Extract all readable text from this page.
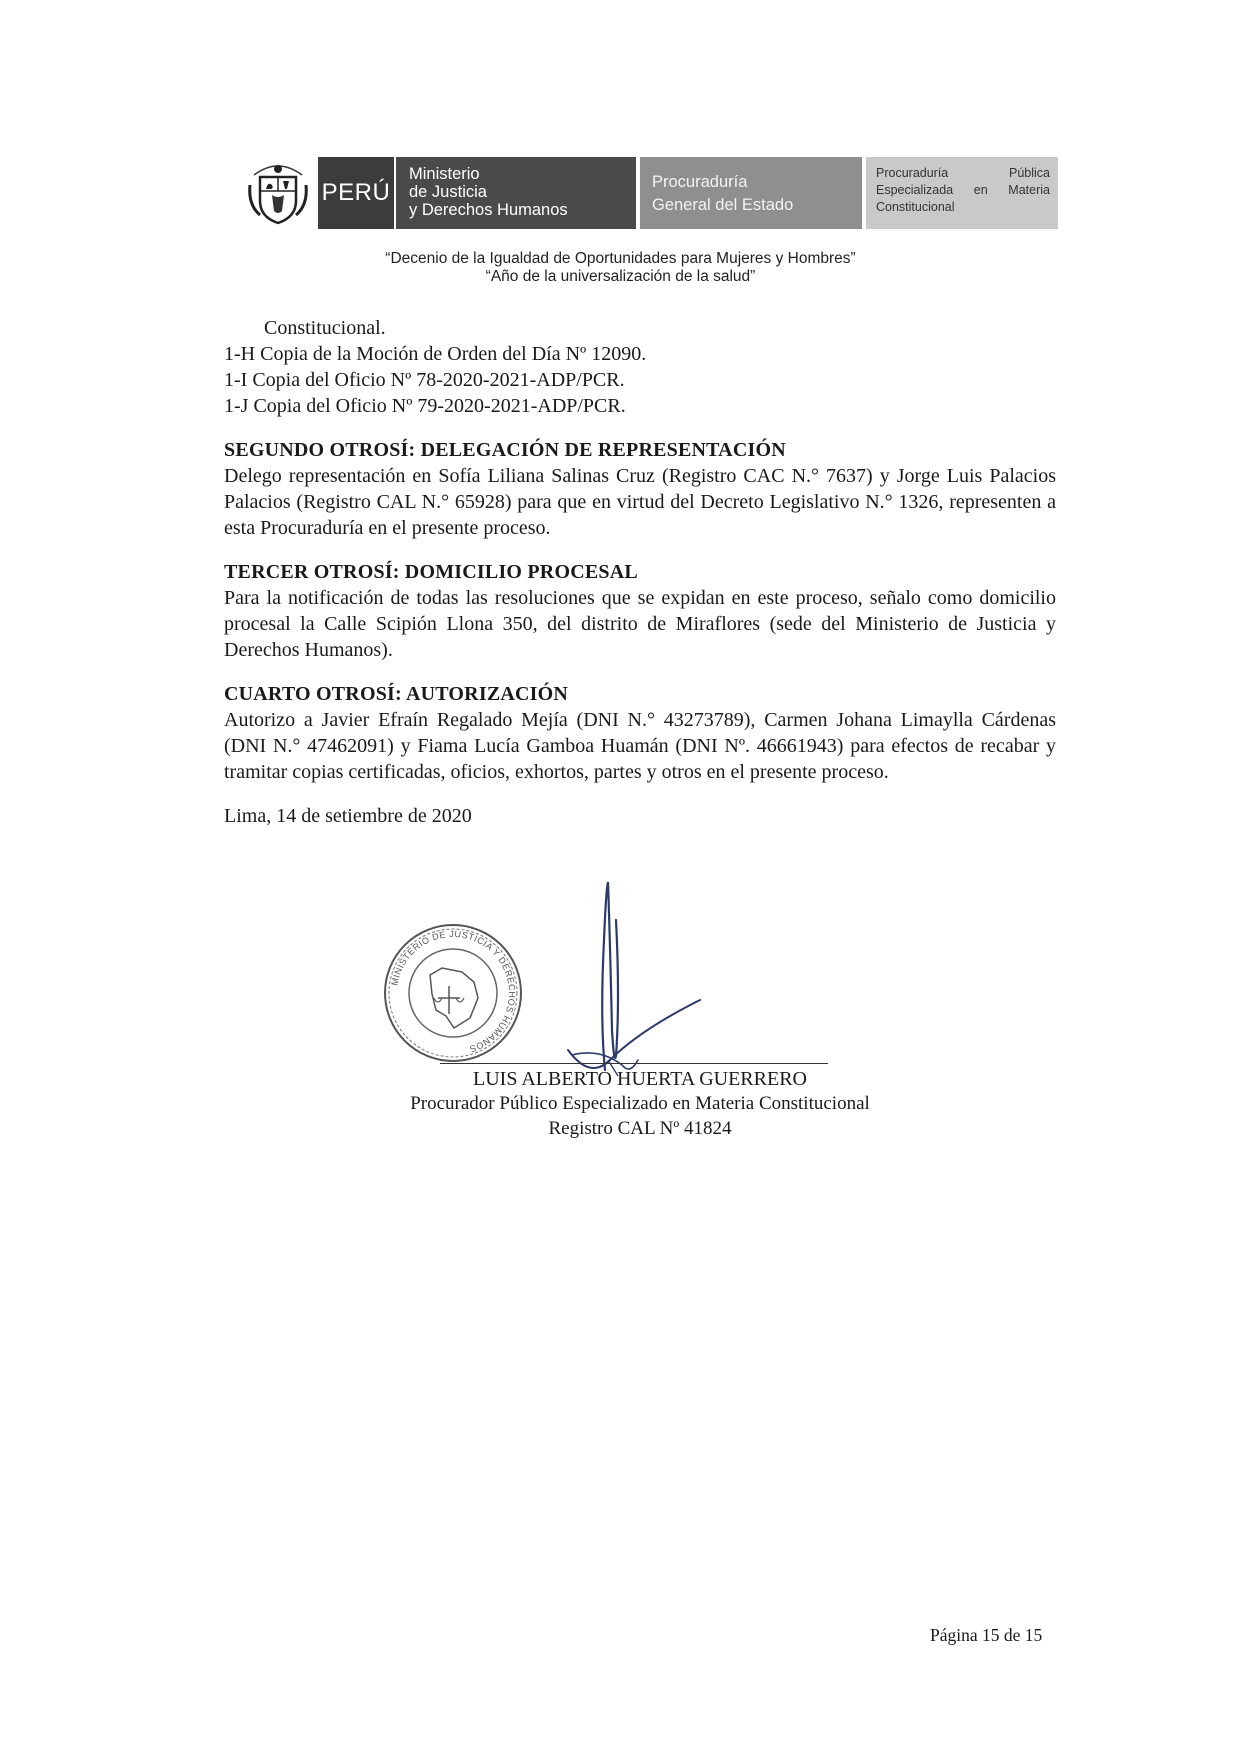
PERÚ
Ministerio
de Justicia
y Derechos Humanos
Procuraduría
General del Estado
Procuraduría	Pública
Especializada en Materia
Constitucional
“Decenio de la Igualdad de Oportunidades para Mujeres y Hombres”
“Año de la universalización de la salud”
Constitucional.
1-H Copia de la Moción de Orden del Día Nº 12090.
1-I Copia del Oficio Nº 78-2020-2021-ADP/PCR.
1-J Copia del Oficio Nº 79-2020-2021-ADP/PCR.
SEGUNDO OTROSÍ: DELEGACIÓN DE REPRESENTACIÓN

Delego representación en Sofía Liliana Salinas Cruz (Registro CAC N.° 7637) y Jorge Luis Palacios Palacios (Registro CAL N.° 65928) para que en virtud del Decreto Legislativo N.° 1326, representen a esta Procuraduría en el presente proceso.

TERCER OTROSÍ: DOMICILIO PROCESAL

Para la notificación de todas las resoluciones que se expidan en este proceso, señalo como domicilio procesal la Calle Scipión Llona 350, del distrito de Miraflores (sede del Ministerio de Justicia y Derechos Humanos).

CUARTO OTROSÍ: AUTORIZACIÓN

Autorizo a Javier Efraín Regalado Mejía (DNI N.° 43273789), Carmen Johana Limaylla Cárdenas (DNI N.° 47462091) y Fiama Lucía Gamboa Huamán (DNI Nº. 46661943) para efectos de recabar y tramitar copias certificadas, oficios, exhortos, partes y otros en el presente proceso.

Lima, 14 de setiembre de 2020
MINISTERIO DE JUSTICIA Y DERECHOS HUMANOS
LUIS ALBERTO HUERTA GUERRERO
Procurador Público Especializado en Materia Constitucional
Registro CAL Nº 41824
Página 15 de 15
